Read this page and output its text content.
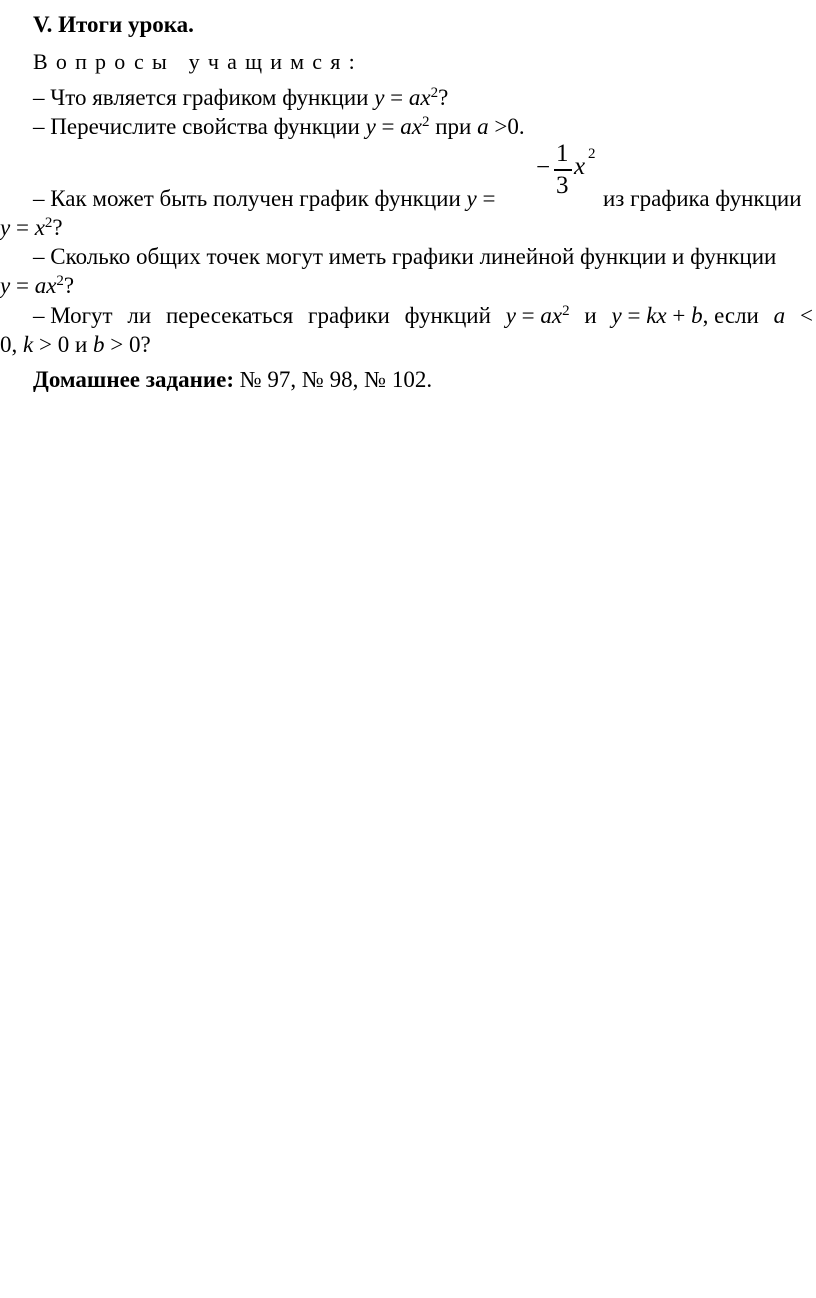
V. Итоги урока.
Вопросы учащимся:
– Что является графиком функции $y = ax^2$?
– Перечислите свойства функции $y = ax^2$ при a >0.
– Как может быть получен график функции y =
−
1
3
x 2
из графика функции
$y = x^2$?
– Сколько общих точек могут иметь графики линейной функции и функции
$y = ax^2$?
– Могут ли пересекаться графики функций $y = ax^2$ и y = kx + b, если a <
0, k > 0 и b > 0?
Домашнее задание: № 97, № 98, № 102.
